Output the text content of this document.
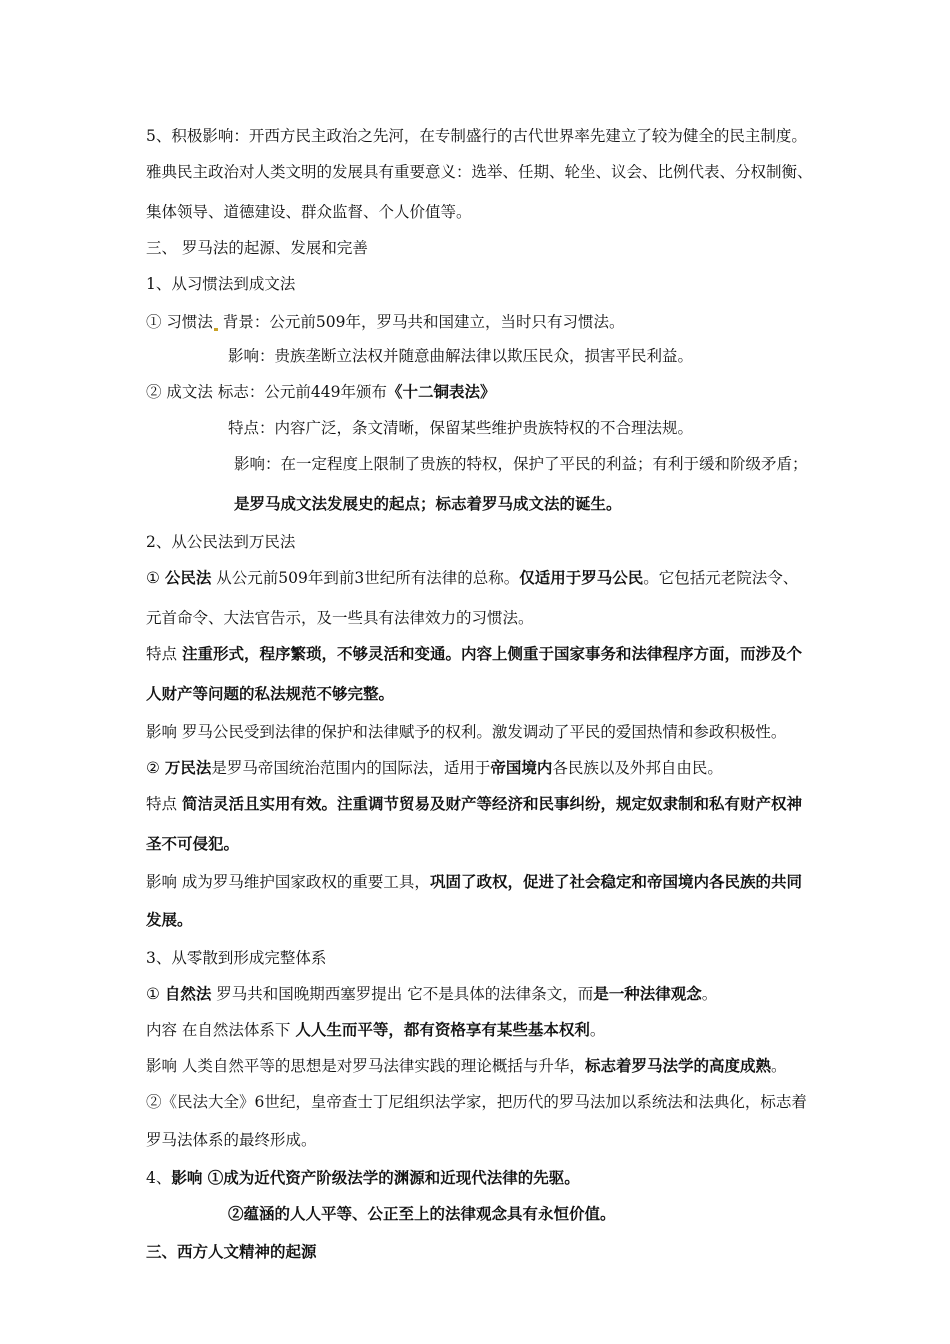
5、积极影响：开西方民主政治之先河，在专制盛行的古代世界率先建立了较为健全的民主制度。
雅典民主政治对人类文明的发展具有重要意义：选举、任期、轮坐、议会、比例代表、分权制衡、
集体领导、道德建设、群众监督、个人价值等。
三、 罗马法的起源、发展和完善
1、从习惯法到成文法
① 习惯法 背景：公元前509年，罗马共和国建立，当时只有习惯法。
影响：贵族垄断立法权并随意曲解法律以欺压民众，损害平民利益。
② 成文法 标志：公元前449年颁布《十二铜表法》
特点：内容广泛，条文清晰，保留某些维护贵族特权的不合理法规。
影响：在一定程度上限制了贵族的特权，保护了平民的利益；有利于缓和阶级矛盾；
是罗马成文法发展史的起点；标志着罗马成文法的诞生。
2、从公民法到万民法
① 公民法 从公元前509年到前3世纪所有法律的总称。仅适用于罗马公民。它包括元老院法令、
元首命令、大法官告示，及一些具有法律效力的习惯法。
特点 注重形式，程序繁琐，不够灵活和变通。内容上侧重于国家事务和法律程序方面，而涉及个
人财产等问题的私法规范不够完整。
影响 罗马公民受到法律的保护和法律赋予的权利。激发调动了平民的爱国热情和参政积极性。
② 万民法是罗马帝国统治范围内的国际法，适用于帝国境内各民族以及外邦自由民。
特点 简洁灵活且实用有效。注重调节贸易及财产等经济和民事纠纷，规定奴隶制和私有财产权神
圣不可侵犯。
影响 成为罗马维护国家政权的重要工具，巩固了政权，促进了社会稳定和帝国境内各民族的共同
发展。
3、从零散到形成完整体系
① 自然法 罗马共和国晚期西塞罗提出 它不是具体的法律条文，而是一种法律观念。
内容 在自然法体系下 人人生而平等，都有资格享有某些基本权利。
影响 人类自然平等的思想是对罗马法律实践的理论概括与升华，标志着罗马法学的高度成熟。
②《民法大全》6世纪，皇帝查士丁尼组织法学家，把历代的罗马法加以系统法和法典化，标志着
罗马法体系的最终形成。
4、影响 ①成为近代资产阶级法学的渊源和近现代法律的先驱。
②蕴涵的人人平等、公正至上的法律观念具有永恒价值。
三、西方人文精神的起源
